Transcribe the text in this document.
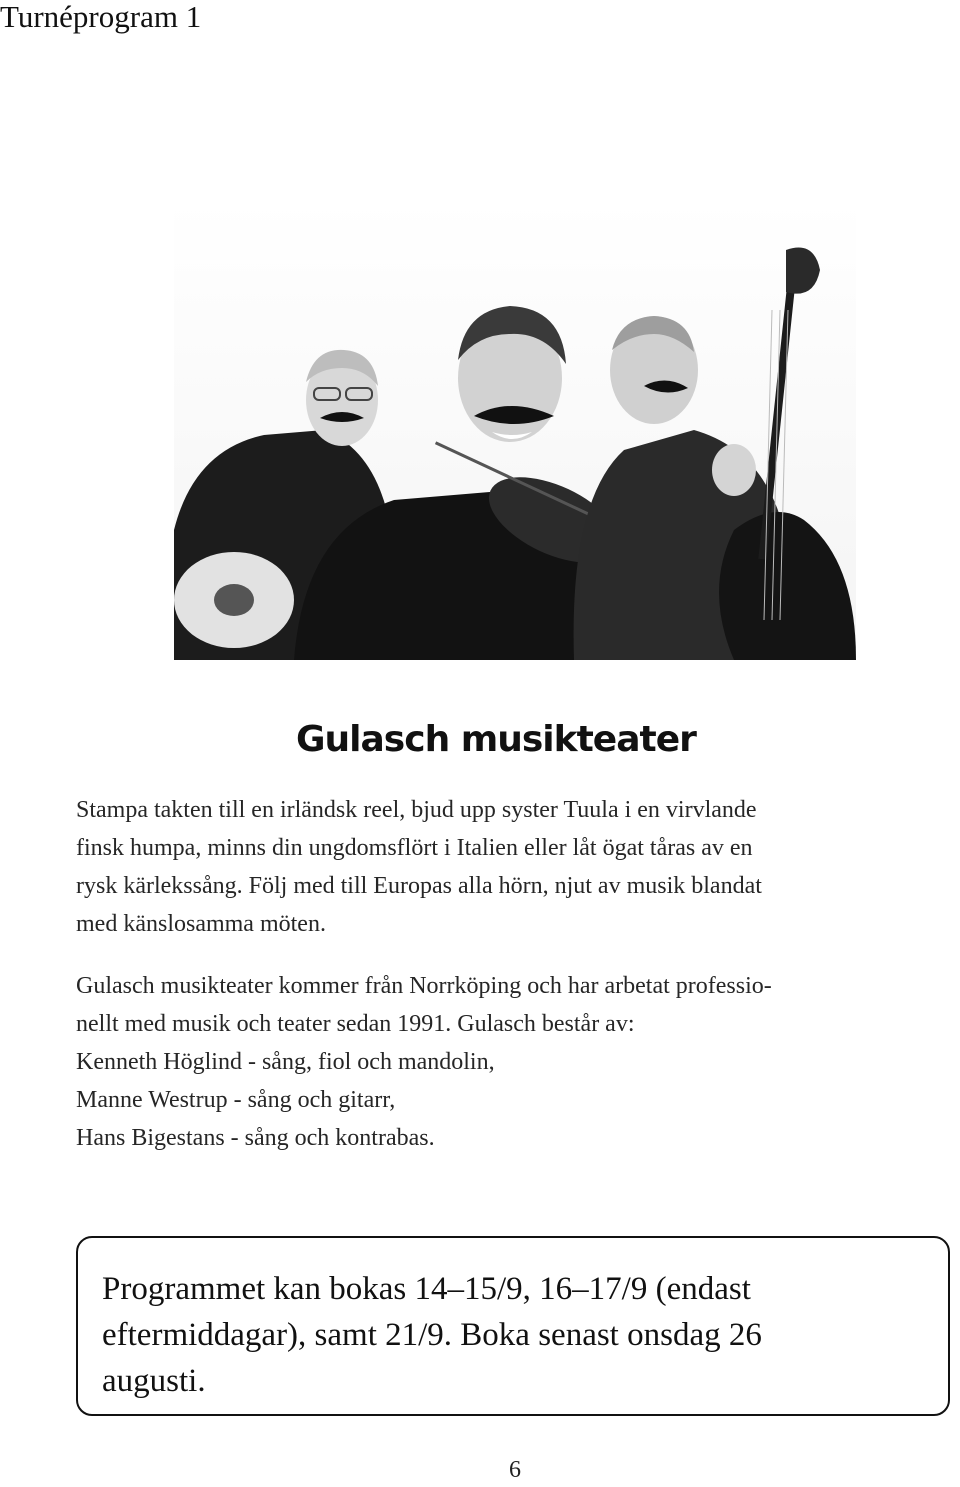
Turnéprogram 1
Gulasch musikteater

Stampa takten till en irländsk reel, bjud upp syster Tuula i en virvlande
finsk humpa, minns din ungdomsflört i Italien eller låt ögat tåras av en
rysk kärlekssång. Följ med till Europas alla hörn, njut av musik blandat
med känslosamma möten.

Gulasch musikteater kommer från Norrköping och har arbetat professio-
nellt med musik och teater sedan 1991. Gulasch består av:
Kenneth Höglind - sång, fiol och mandolin,
Manne Westrup - sång och gitarr,
Hans Bigestans - sång och kontrabas.

Programmet kan bokas 14–15/9, 16–17/9 (endast
eftermiddagar), samt 21/9. Boka senast onsdag 26
augusti.

6
